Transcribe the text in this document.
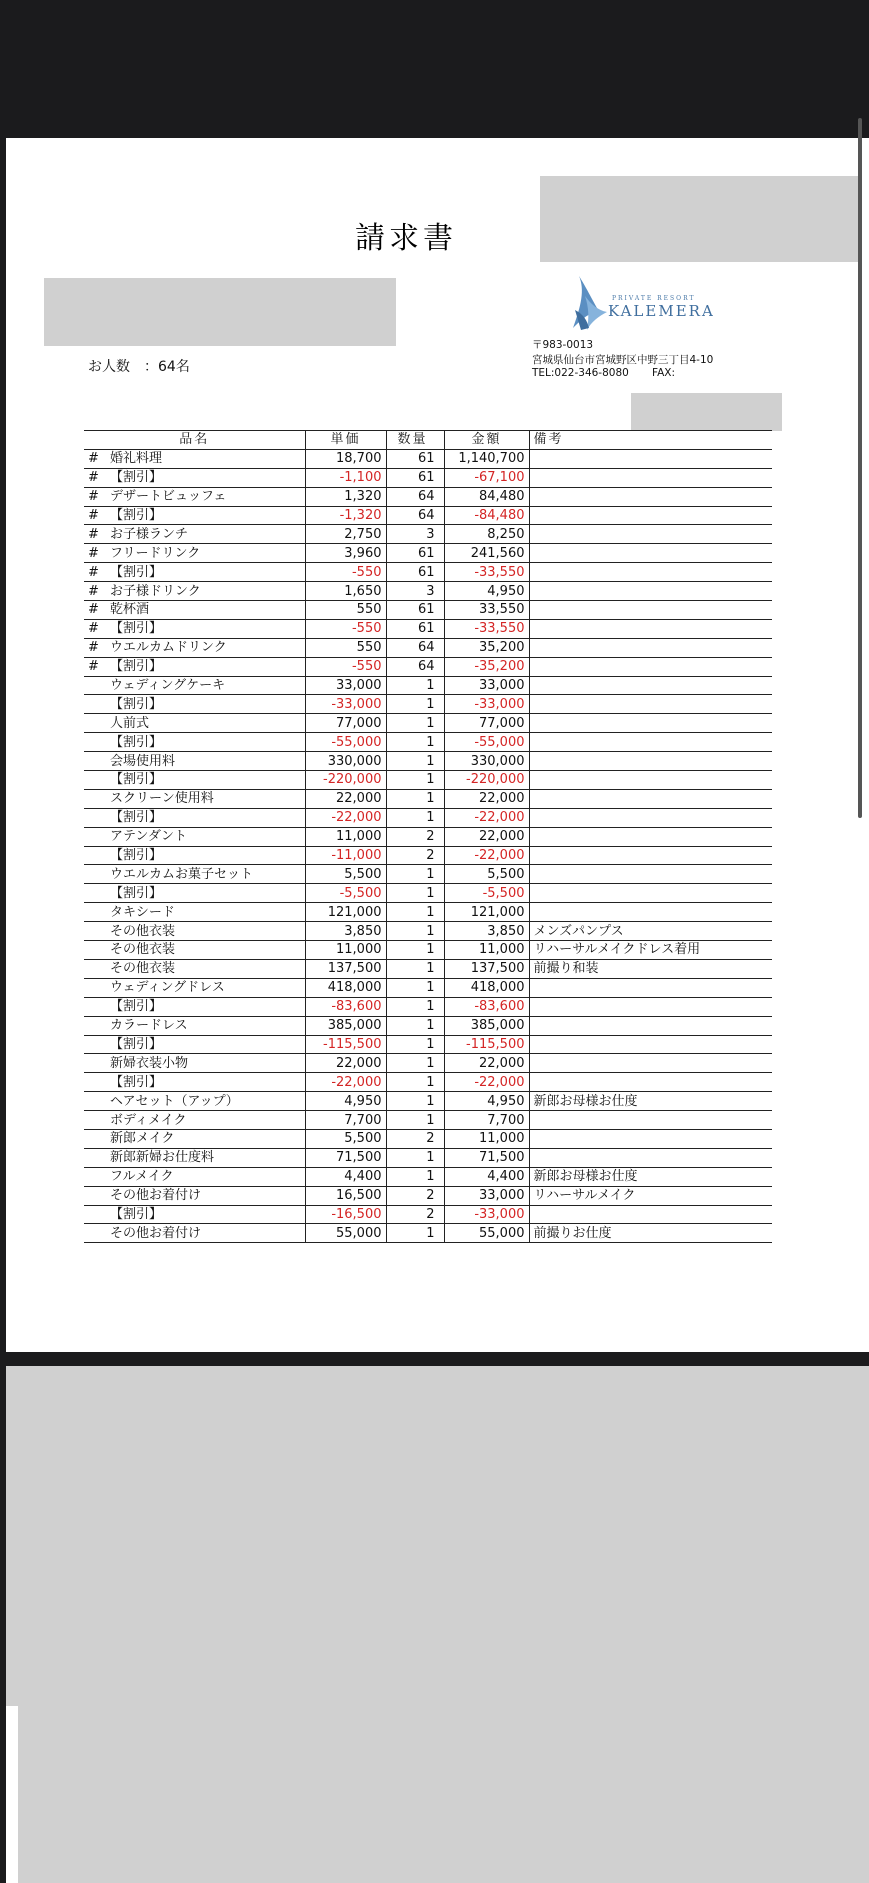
請求書
お人数　：64名
PRIVATE RESORT
KALEMERA
〒983-0013
宮城県仙台市宮城野区中野三丁目4-10
TEL:022-346-8080 FAX:
品名	単価	数量	金額	備考
# 婚礼料理	18,700	61	1,140,700	
# 【割引】	-1,100	61	-67,100	
# デザートビュッフェ	1,320	64	84,480	
# 【割引】	-1,320	64	-84,480	
# お子様ランチ	2,750	3	8,250	
# フリードリンク	3,960	61	241,560	
# 【割引】	-550	61	-33,550	
# お子様ドリンク	1,650	3	4,950	
# 乾杯酒	550	61	33,550	
# 【割引】	-550	61	-33,550	
# ウエルカムドリンク	550	64	35,200	
# 【割引】	-550	64	-35,200	
ウェディングケーキ	33,000	1	33,000	
【割引】	-33,000	1	-33,000	
人前式	77,000	1	77,000	
【割引】	-55,000	1	-55,000	
会場使用料	330,000	1	330,000	
【割引】	-220,000	1	-220,000	
スクリーン使用料	22,000	1	22,000	
【割引】	-22,000	1	-22,000	
アテンダント	11,000	2	22,000	
【割引】	-11,000	2	-22,000	
ウエルカムお菓子セット	5,500	1	5,500	
【割引】	-5,500	1	-5,500	
タキシード	121,000	1	121,000	
その他衣装	3,850	1	3,850	メンズパンプス
その他衣装	11,000	1	11,000	リハーサルメイクドレス着用
その他衣装	137,500	1	137,500	前撮り和装
ウェディングドレス	418,000	1	418,000	
【割引】	-83,600	1	-83,600	
カラードレス	385,000	1	385,000	
【割引】	-115,500	1	-115,500	
新婦衣装小物	22,000	1	22,000	
【割引】	-22,000	1	-22,000	
ヘアセット（アップ）	4,950	1	4,950	新郎お母様お仕度
ボディメイク	7,700	1	7,700	
新郎メイク	5,500	2	11,000	
新郎新婦お仕度料	71,500	1	71,500	
フルメイク	4,400	1	4,400	新郎お母様お仕度
その他お着付け	16,500	2	33,000	リハーサルメイク
【割引】	-16,500	2	-33,000	
その他お着付け	55,000	1	55,000	前撮りお仕度
